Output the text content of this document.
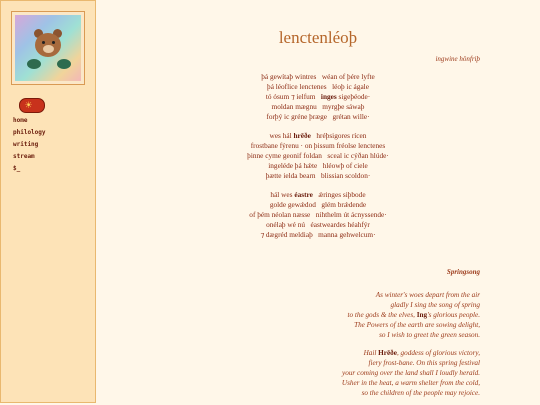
☀
home
philology
writing
stream
$_
lenctenléoþ
ingwine hönfriþ
þá gewítaþ wintres   wéan of þére lyfte
þá léoflice lenctenes   léoþ ic ágale
tó ósum ⁊ ielfum   inges sigeþéode·
moldan mægnu   myrgþe sáwaþ
forþý ic gréne þræge   grétan wille·
wes hál hrēðe   hréþsigores rícen
frostbane fýrenu · on þissum fréolse lenctenes
þinne cyme geonif foldan   sceal ic cýðan hlúde·
ingeléde þá hǽte   hléowþ of ciele
þætte ielda bearn   blissian scoldon·
hál wes éastre   ǽringes siþbode
golde gewǽdod   glém brǽdende
of þém néolan næsse   nihthelm út ácnyssende·
onélaþ wé nú   éastweardes héahfýr
⁊ dægréd meldiaþ   manna gehwelcum·
Springsong
As winter's woes depart from the air
gladly I sing the song of spring
to the gods & the elves, Ing's glorious people.
The Powers of the earth are sowing delight,
so I wish to greet the green season.
Hail Hrēðe, goddess of glorious victory,
fiery frost-bane. On this spring festival
your coming over the land shall I loudly herald.
Usher in the heat, a warm shelter from the cold,
so the children of the people may rejoice.
